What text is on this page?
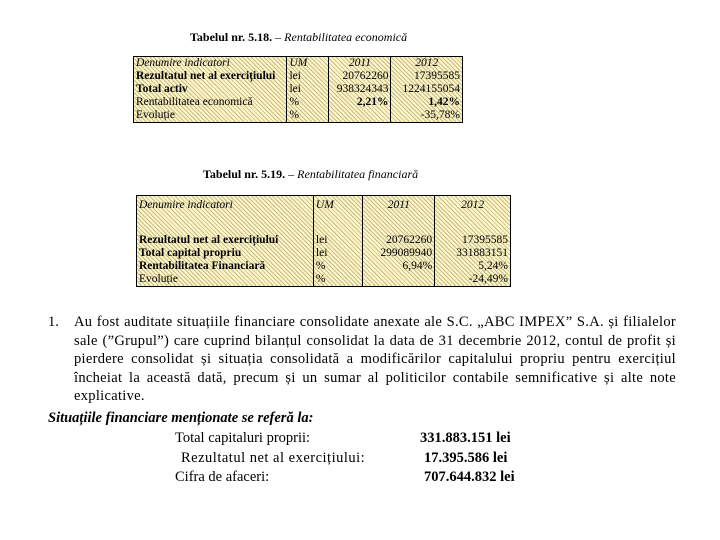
Tabelul nr. 5.18. – Rentabilitatea economică
Denumire indicatori	UM	2011	2012
Rezultatul net al exercițiului	lei	20762260	17395585
Total activ	lei	938324343	1224155054
Rentabilitatea economică	%	2,21%	1,42%
Evoluție	%		-35,78%
Tabelul nr. 5.19. – Rentabilitatea financiară
Denumire indicatori	UM	2011	2012
Rezultatul net al exercițiului	lei	20762260	17395585
Total capital propriu	lei	299089940	331883151
Rentabilitatea Financiară	%	6,94%	5,24%
Evoluție	%		-24,49%
1. Au fost auditate situațiile financiare consolidate anexate ale S.C. „ABC IMPEX” S.A. și filialelor sale (”Grupul”) care cuprind bilanțul consolidat la data de 31 decembrie 2012, contul de profit și pierdere consolidat și situația consolidată a modificărilor capitalului propriu pentru exercițiul încheiat la această dată, precum și un sumar al politicilor contabile semnificative și alte note explicative.

Situațiile financiare menționate se referă la:
Total capitaluri proprii:	331.883.151 lei
Rezultatul net al exercițiului:	17.395.586 lei
Cifra de afaceri:	707.644.832 lei
